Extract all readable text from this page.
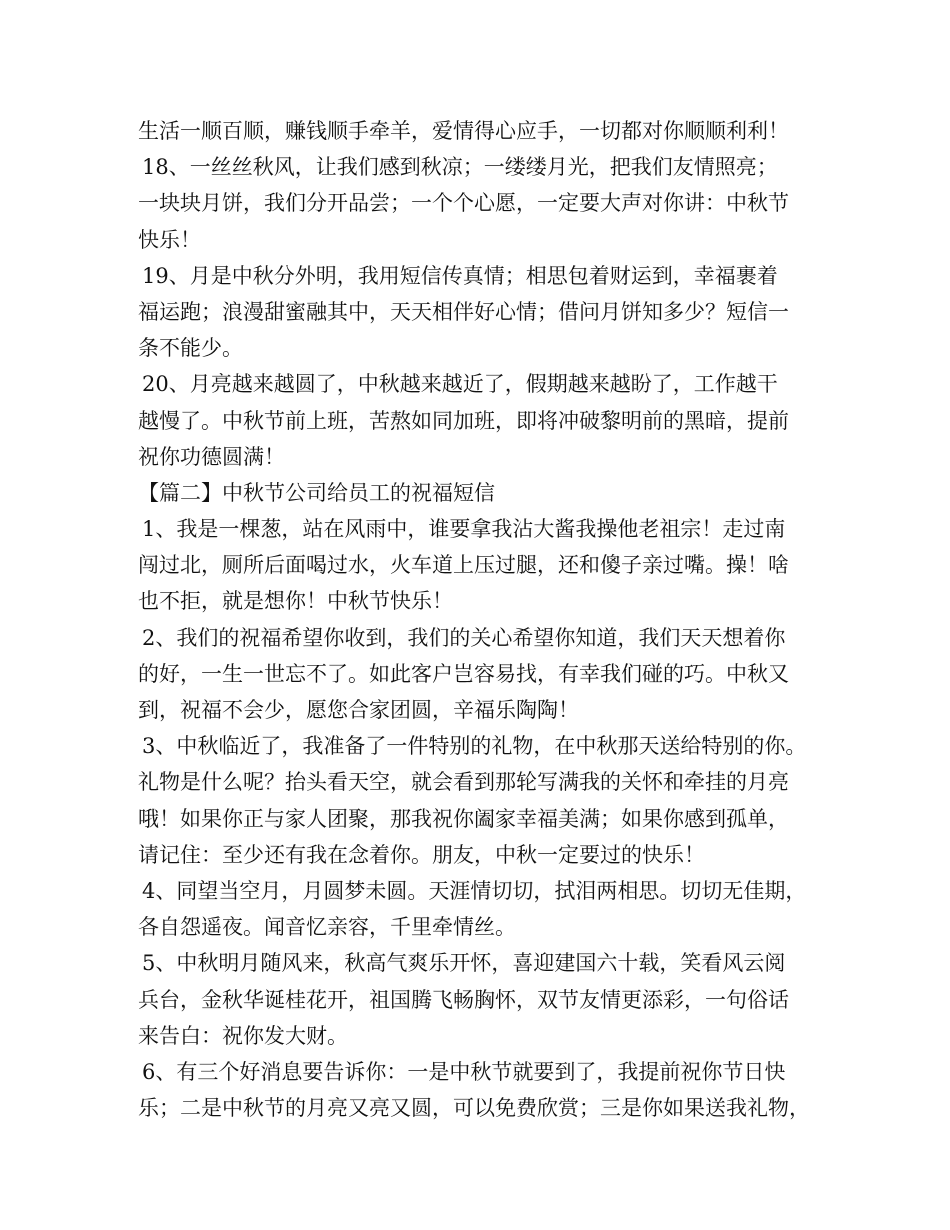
生活一顺百顺，赚钱顺手牵羊，爱情得心应手，一切都对你顺顺利利！
18、一丝丝秋风，让我们感到秋凉；一缕缕月光，把我们友情照亮；
一块块月饼，我们分开品尝；一个个心愿，一定要大声对你讲：中秋节
快乐！
19、月是中秋分外明，我用短信传真情；相思包着财运到，幸福裹着
福运跑；浪漫甜蜜融其中，天天相伴好心情；借问月饼知多少？短信一
条不能少。
20、月亮越来越圆了，中秋越来越近了，假期越来越盼了，工作越干
越慢了。中秋节前上班，苦熬如同加班，即将冲破黎明前的黑暗，提前
祝你功德圆满！
【篇二】中秋节公司给员工的祝福短信
1、我是一棵葱，站在风雨中，谁要拿我沾大酱我操他老祖宗！走过南
闯过北，厕所后面喝过水，火车道上压过腿，还和傻子亲过嘴。操！啥
也不拒，就是想你！中秋节快乐！
2、我们的祝福希望你收到，我们的关心希望你知道，我们天天想着你
的好，一生一世忘不了。如此客户岂容易找，有幸我们碰的巧。中秋又
到，祝福不会少，愿您合家团圆，辛福乐陶陶！
3、中秋临近了，我准备了一件特别的礼物，在中秋那天送给特别的你。
礼物是什么呢？抬头看天空，就会看到那轮写满我的关怀和牵挂的月亮
哦！如果你正与家人团聚，那我祝你阖家幸福美满；如果你感到孤单，
请记住：至少还有我在念着你。朋友，中秋一定要过的快乐！
4、同望当空月，月圆梦未圆。天涯情切切，拭泪两相思。切切无佳期，
各自怨遥夜。闻音忆亲容，千里牵情丝。
5、中秋明月随风来，秋高气爽乐开怀，喜迎建国六十载，笑看风云阅
兵台，金秋华诞桂花开，祖国腾飞畅胸怀，双节友情更添彩，一句俗话
来告白：祝你发大财。
6、有三个好消息要告诉你：一是中秋节就要到了，我提前祝你节日快
乐；二是中秋节的月亮又亮又圆，可以免费欣赏；三是你如果送我礼物，
